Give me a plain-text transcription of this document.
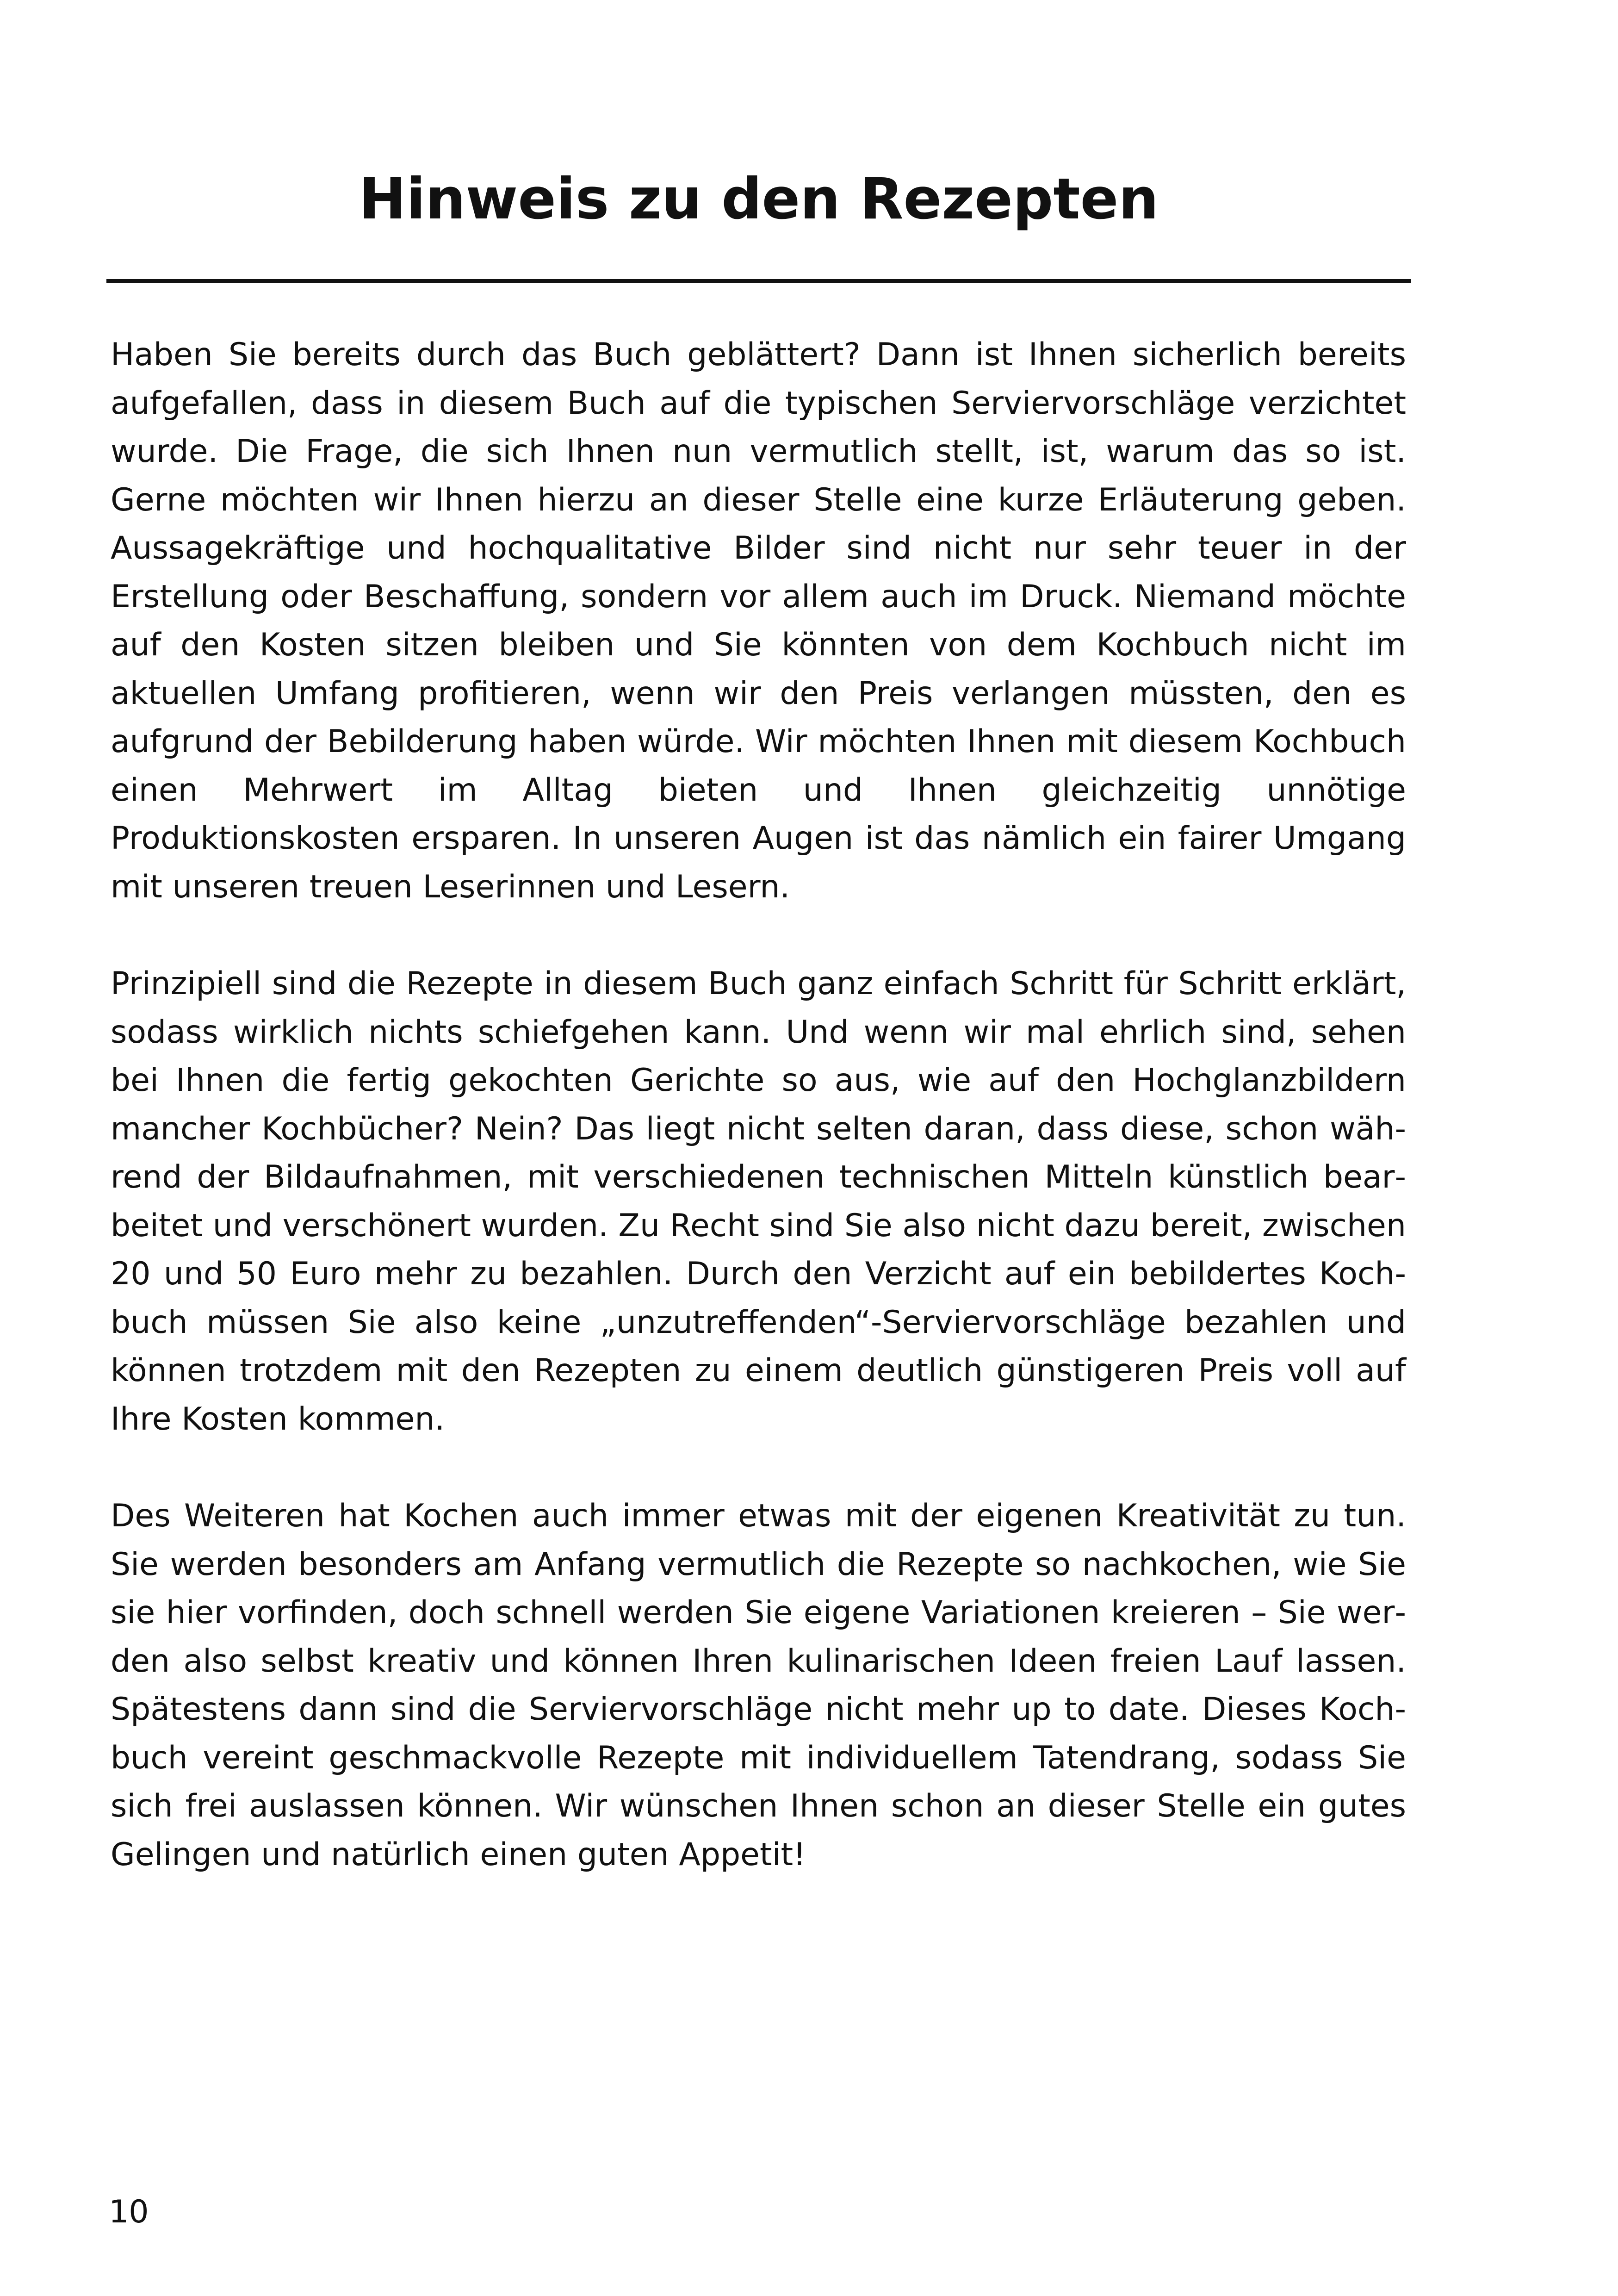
Hinweis zu den Rezepten

Haben Sie bereits durch das Buch geblättert? Dann ist Ihnen sicherlich bereits aufgefallen, dass in diesem Buch auf die typischen Serviervorschläge verzichtet wurde. Die Frage, die sich Ihnen nun vermutlich stellt, ist, warum das so ist. Gerne möchten wir Ihnen hierzu an dieser Stelle eine kurze Erläuterung geben. Aussagekräftige und hochqualitative Bilder sind nicht nur sehr teuer in der Erstellung oder Beschaffung, sondern vor allem auch im Druck. Niemand möchte auf den Kosten sitzen bleiben und Sie könnten von dem Kochbuch nicht im aktuellen Umfang profitieren, wenn wir den Preis verlangen müssten, den es aufgrund der Bebilderung haben würde. Wir möchten Ihnen mit diesem Kochbuch einen Mehrwert im Alltag bieten und Ihnen gleichzeitig unnötige Produktionskosten ersparen. In unseren Augen ist das nämlich ein fairer Umgang mit unseren treuen Leserinnen und Lesern.

Prinzipiell sind die Rezepte in diesem Buch ganz einfach Schritt für Schritt erklärt, sodass wirklich nichts schiefgehen kann. Und wenn wir mal ehrlich sind, sehen bei Ihnen die fertig gekochten Gerichte so aus, wie auf den Hochglanzbildern mancher Kochbücher? Nein? Das liegt nicht selten daran, dass diese, schon während der Bildaufnahmen, mit verschiedenen technischen Mitteln künstlich bearbeitet und verschönert wurden. Zu Recht sind Sie also nicht dazu bereit, zwischen 20 und 50 Euro mehr zu bezahlen. Durch den Verzicht auf ein bebildertes Kochbuch müssen Sie also keine „unzutreffenden“-Serviervorschläge bezahlen und können trotzdem mit den Rezepten zu einem deutlich günstigeren Preis voll auf Ihre Kosten kommen.

Des Weiteren hat Kochen auch immer etwas mit der eigenen Kreativität zu tun. Sie werden besonders am Anfang vermutlich die Rezepte so nachkochen, wie Sie sie hier vorfinden, doch schnell werden Sie eigene Variationen kreieren – Sie werden also selbst kreativ und können Ihren kulinarischen Ideen freien Lauf lassen. Spätestens dann sind die Serviervorschläge nicht mehr up to date. Dieses Kochbuch vereint geschmackvolle Rezepte mit individuellem Tatendrang, sodass Sie sich frei auslassen können. Wir wünschen Ihnen schon an dieser Stelle ein gutes Gelingen und natürlich einen guten Appetit!

10
